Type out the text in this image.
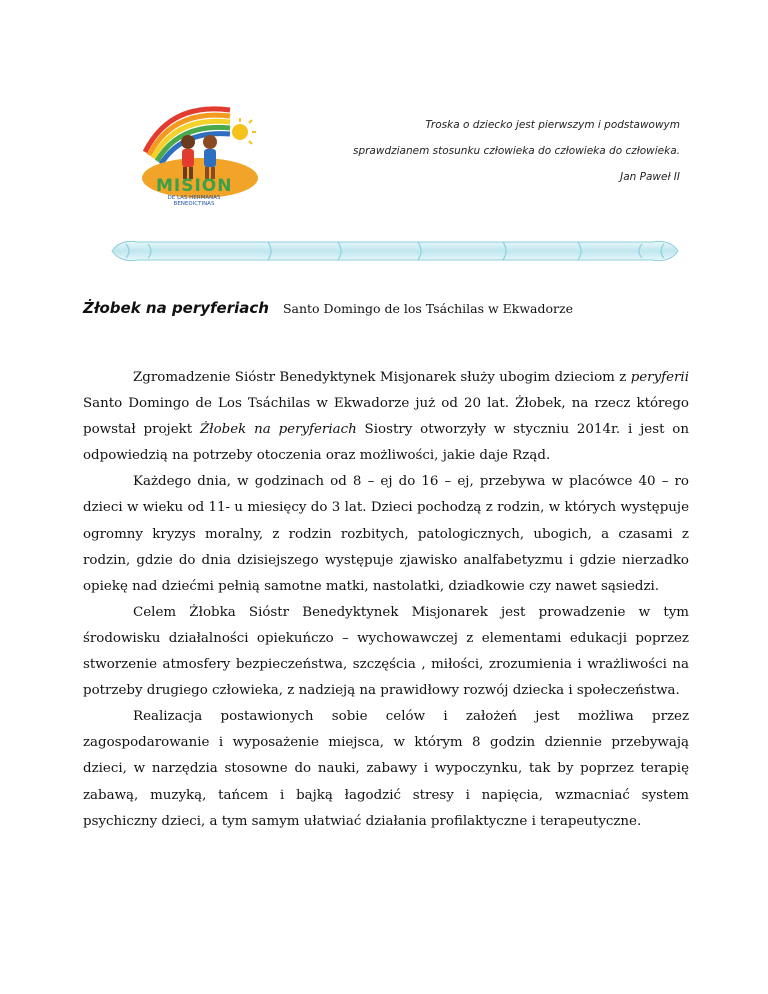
MISION
DE LAS HERMANAS BENEDICTINAS
Troska o dziecko jest pierwszym i podstawowym
sprawdzianem stosunku człowieka do człowieka do człowieka.
Jan Paweł II
Żłobek na peryferiach Santo Domingo de los Tsáchilas w Ekwadorze

Zgromadzenie Sióstr Benedyktynek Misjonarek służy ubogim dzieciom z peryferii Santo Domingo de Los Tsáchilas w Ekwadorze już od 20 lat. Żłobek, na rzecz którego powstał projekt Żłobek na peryferiach Siostry otworzyły w styczniu 2014r. i jest on odpowiedzią na potrzeby otoczenia oraz możliwości, jakie daje Rząd.

Każdego dnia, w godzinach od 8 – ej do 16 – ej, przebywa w placówce 40 – ro dzieci w wieku od 11- u miesięcy do 3 lat. Dzieci pochodzą z rodzin, w których występuje ogromny kryzys moralny, z rodzin rozbitych, patologicznych, ubogich, a czasami z rodzin, gdzie do dnia dzisiejszego występuje zjawisko analfabetyzmu i gdzie nierzadko opiekę nad dziećmi pełnią samotne matki, nastolatki, dziadkowie czy nawet sąsiedzi.

Celem Żłobka Sióstr Benedyktynek Misjonarek jest prowadzenie w tym środowisku działalności opiekuńczo – wychowawczej z elementami edukacji poprzez stworzenie atmosfery bezpieczeństwa, szczęścia , miłości, zrozumienia i wrażliwości na potrzeby drugiego człowieka, z nadzieją na prawidłowy rozwój dziecka i społeczeństwa.

Realizacja postawionych sobie celów i założeń jest możliwa przez zagospodarowanie i wyposażenie miejsca, w którym 8 godzin dziennie przebywają dzieci, w narzędzia stosowne do nauki, zabawy i wypoczynku, tak by poprzez terapię zabawą, muzyką, tańcem i bajką łagodzić stresy i napięcia, wzmacniać system psychiczny dzieci, a tym samym ułatwiać działania profilaktyczne i terapeutyczne.
